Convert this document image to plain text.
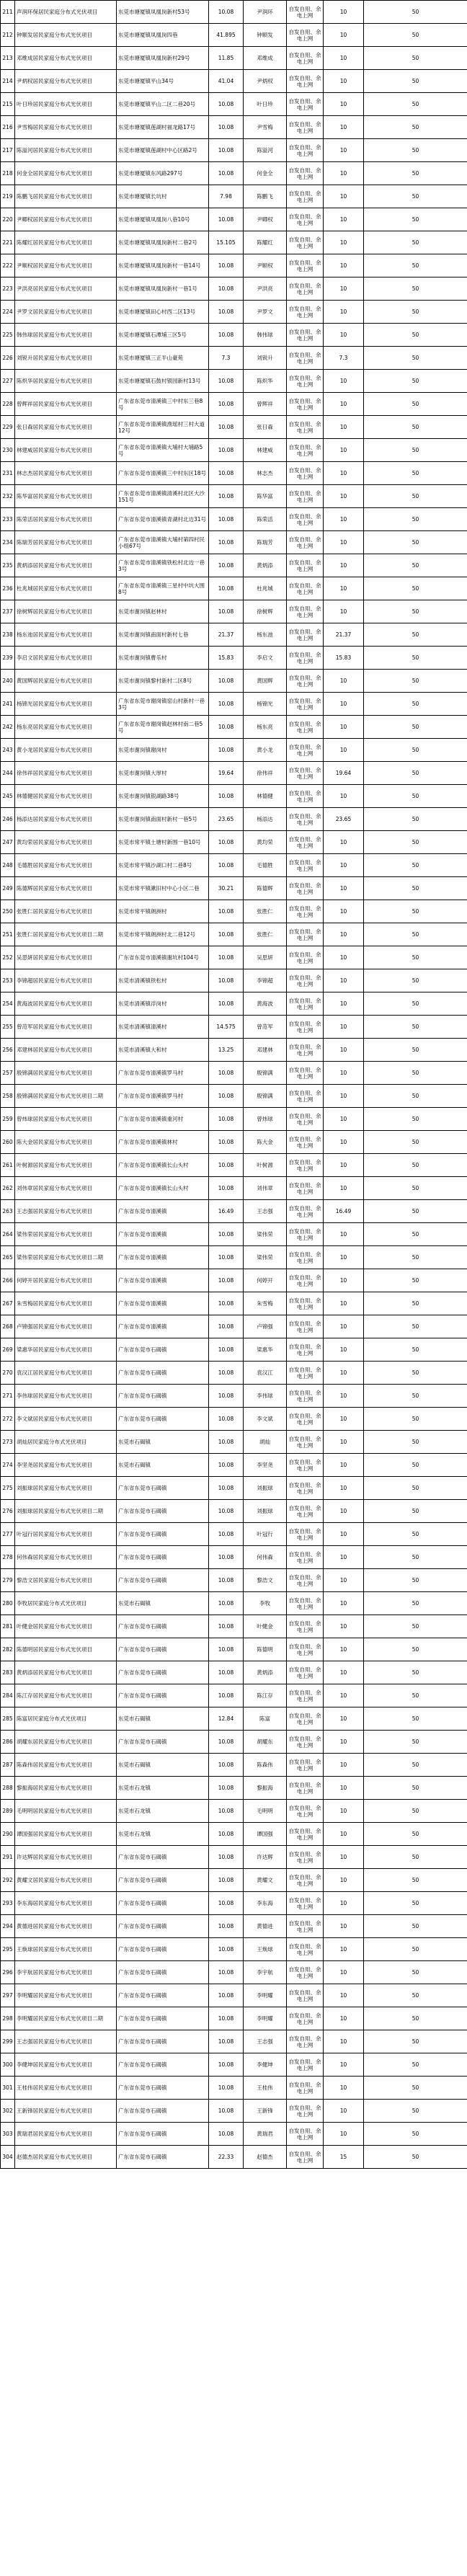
211	声润环保居民家庭分布式光伏项目	东莞市塘厦镇凤凰岗新村53号	10.08	尹润环	自发自用、余电上网	10	50
212	钟顺发居民家庭分布式光伏项目	东莞市塘厦镇凤凰岗四巷	41.895	钟顺发	自发自用、余电上网	10	50
213	邓维成居民家庭分布式光伏项目	东莞市塘厦镇凤凰岗新村29号	11.85	邓维成	自发自用、余电上网	10	50
214	尹炳权居民家庭分布式光伏项目	东莞市塘厦镇平山34号	41.04	尹炳权	自发自用、余电上网	10	50
215	叶日珍居民家庭分布式光伏项目	东莞市塘厦镇平山二区二巷20号	10.08	叶日珍	自发自用、余电上网	10	50
216	尹雪梅居民家庭分布式光伏项目	东莞市塘厦镇莲湖村福龙路17号	10.08	尹雪梅	自发自用、余电上网	10	50
217	陈溢河居民家庭分布式光伏项目	东莞市塘厦镇莲湖村中心区路2号	10.08	陈溢河	自发自用、余电上网	10	50
218	何金全居民家庭分布式光伏项目	东莞市塘厦镇东风路297号	10.08	何金全	自发自用、余电上网	10	50
219	陈鹏飞居民家庭分布式光伏项目	东莞市塘厦镇长坑村	7.98	陈鹏飞	自发自用、余电上网	10	50
220	尹卿权居民家庭分布式光伏项目	东莞市塘厦镇凤凰岗八巷10号	10.08	尹卿权	自发自用、余电上网	10	50
221	陈耀红居民家庭分布式光伏项目	东莞市塘厦镇凤凰岗新村二巷2号	15.105	陈耀红	自发自用、余电上网	10	50
222	尹顺权居民家庭分布式光伏项目	东莞市塘厦镇凤凰岗新村一巷14号	10.08	尹顺权	自发自用、余电上网	10	50
223	尹洪亮居民家庭分布式光伏项目	东莞市塘厦镇凤凰岗新村一巷1号	10.08	尹洪亮	自发自用、余电上网	10	50
224	尹罗文居民家庭分布式光伏项目	东莞市塘厦镇田心村西二区13号	10.08	尹罗文	自发自用、余电上网	10	50
225	韩伟球居民家庭分布式光伏项目	东莞市塘厦镇石潭埔三区5号	10.08	韩伟球	自发自用、余电上网	10	50
226	刘锐升居民家庭分布式光伏项目	东莞市塘厦镇三正半山豪苑	7.3	刘锐升	自发自用、余电上网	7.3	50
227	陈炽华居民家庭分布式光伏项目	东莞市塘厦镇石鼓村银园新村13号	10.08	陈炽华	自发自用、余电上网	10	50
228	曾辉祥居民家庭分布式光伏项目	广东省东莞市清溪镇三中村东三巷8号	10.08	曾辉祥	自发自用、余电上网	10	50
229	张日森居民家庭分布式光伏项目	广东省东莞市清溪镇渔瑶村三村大道12号	10.08	张日森	自发自用、余电上网	10	50
230	林建威居民家庭分布式光伏项目	广东省东莞市清溪镇大埔村大埔路5号	10.08	林建威	自发自用、余电上网	10	50
231	林志杰居民家庭分布式光伏项目	广东省东莞市清溪镇三中村东区18号	10.08	林志杰	自发自用、余电上网	10	50
232	陈华富居民家庭分布式光伏项目	广东省东莞市清溪镇清溪村北区大沙151号	10.08	陈华富	自发自用、余电上网	10	50
233	陈荣活居民家庭分布式光伏项目	广东省东莞市清溪镇青湖村北边31号	10.08	陈荣活	自发自用、余电上网	10	50
234	陈瑞芳居民家庭分布式光伏项目	广东省东莞市清溪镇大埔村第四村民小组67号	10.08	陈瑞芳	自发自用、余电上网	10	50
235	黄炳添居民家庭分布式光伏项目	广东省东莞市清溪镇铁松村北边一巷3号	10.08	黄炳添	自发自用、余电上网	10	50
236	杜兆城居民家庭分布式光伏项目	广东省东莞市清溪镇三星村中坑大围8号	10.08	杜兆城	自发自用、余电上网	10	50
237	徐树辉居民家庭分布式光伏项目	东莞市谢岗镇赵林村	10.08	徐树辉	自发自用、余电上网	10	50
238	杨东池居民家庭分布式光伏项目	东莞市谢岗镇南面村新村七巷	21.37	杨东池	自发自用、余电上网	21.37	50
239	李启文居民家庭分布式光伏项目	东莞市谢岗镇曹乐村	15.83	李启文	自发自用、余电上网	15.83	50
240	黄国辉居民家庭分布式光伏项目	东莞市谢岗镇黎村新村二区8号	10.08	黄国辉	自发自用、余电上网	10	50
241	杨锦光居民家庭分布式光伏项目	广东省东莞市谢岗镇窑山村新村一巷3号	10.08	杨锦光	自发自用、余电上网	10	50
242	杨东亮居民家庭分布式光伏项目	广东省东莞市谢岗镇赵林村南二巷5号	10.08	杨东亮	自发自用、余电上网	10	50
243	黄小龙居民家庭分布式光伏项目	东莞市谢岗镇谢岗村	10.08	黄小龙	自发自用、余电上网	10	50
244	徐伟祥居民家庭分布式光伏项目	东莞市谢岗镇大厚村	19.64	徐伟祥	自发自用、余电上网	19.64	50
245	林德健居民家庭分布式光伏项目	东莞市谢岗镇银湖路38号	10.08	林德健	自发自用、余电上网	10	50
246	杨添达居民家庭分布式光伏项目	东莞市谢岗镇南面村新村一巷5号	23.65	杨添达	自发自用、余电上网	23.65	50
247	黄均荣居民家庭分布式光伏项目	东莞市常平镇土塘村新围一巷10号	10.08	黄均荣	自发自用、余电上网	10	50
248	毛德胜居民家庭分布式光伏项目	东莞市常平镇沙湖口村二巷8号	10.08	毛德胜	自发自用、余电上网	10	50
249	陈德辉居民家庭分布式光伏项目	东莞市常平镇漱旧村中心小区二巷	30.21	陈德辉	自发自用、余电上网	10	50
250	张胜仁居民家庭分布式光伏项目	东莞市常平镇朗洲村	10.08	张胜仁	自发自用、余电上网	10	50
251	张胜仁居民家庭分布式光伏项目二期	东莞市常平镇朗洲村北二巷12号	10.08	张胜仁	自发自用、余电上网	10	50
252	吴思妍居民家庭分布式光伏项目	广东省东莞市清溪镇谢坑村104号	10.08	吴思妍	自发自用、余电上网	10	50
253	李锦超居民家庭分布式光伏项目	东莞市清溪镇铁松村	10.08	李锦超	自发自用、余电上网	10	50
254	黄海波居民家庭分布式光伏项目	东莞市清溪镇浮岗村	10.08	黄海波	自发自用、余电上网	10	50
255	曾范军居民家庭分布式光伏项目	东莞市清溪镇清溪村	14.575	曾范军	自发自用、余电上网	10	50
256	邓建林居民家庭分布式光伏项目	东莞市清溪镇大和村	13.25	邓建林	自发自用、余电上网	10	50
257	殷锦满居民家庭分布式光伏项目	广东省东莞市清溪镇罗马村	10.08	殷锦满	自发自用、余电上网	10	50
258	殷锦满居民家庭分布式光伏项目二期	广东省东莞市清溪镇罗马村	10.08	殷锦满	自发自用、余电上网	10	50
259	曾炜球居民家庭分布式光伏项目	广东省东莞市清溪镇重河村	10.08	曾炜球	自发自用、余电上网	10	50
260	陈大金居民家庭分布式光伏项目	广东省东莞市清溪镇林村	10.08	陈大金	自发自用、余电上网	10	50
261	叶树源居民家庭分布式光伏项目	广东省东莞市清溪镇长山头村	10.08	叶树源	自发自用、余电上网	10	50
262	刘伟章居民家庭分布式光伏项目	广东省东莞市清溪镇长山头村	10.08	刘伟章	自发自用、余电上网	10	50
263	王志强居民家庭分布式光伏项目	广东省东莞市清溪镇	16.49	王志强	自发自用、余电上网	16.49	50
264	梁伟荣居民家庭分布式光伏项目	广东省东莞市清溪镇	10.08	梁伟荣	自发自用、余电上网	10	50
265	梁伟荣居民家庭分布式光伏项目二期	广东省东莞市清溪镇	10.08	梁伟荣	自发自用、余电上网	10	50
266	何婷开居民家庭分布式光伏项目	广东省东莞市清溪镇	10.08	何婷开	自发自用、余电上网	10	50
267	朱雪梅居民家庭分布式光伏项目	广东省东莞市清溪镇	10.08	朱雪梅	自发自用、余电上网	10	50
268	卢锦强居民家庭分布式光伏项目	广东省东莞市清溪镇	10.08	卢锦强	自发自用、余电上网	10	50
269	梁惠华居民家庭分布式光伏项目	广东省东莞市石碣镇	10.08	梁惠华	自发自用、余电上网	10	50
270	袁汉江居民家庭分布式光伏项目	广东省东莞市石碣镇	10.08	袁汉江	自发自用、余电上网	10	50
271	李伟球居民家庭分布式光伏项目	广东省东莞市石碣镇	10.08	李伟球	自发自用、余电上网	10	50
272	李文斌居民家庭分布式光伏项目	广东省东莞市石碣镇	10.08	李文斌	自发自用、余电上网	10	50
273	胡灿居民家庭分布式光伏项目	东莞市石碣镇	10.08	胡灿	自发自用、余电上网	10	50
274	李坚尧居民家庭分布式光伏项目	东莞市石碣镇	10.08	李坚尧	自发自用、余电上网	10	50
275	刘振球居民家庭分布式光伏项目	广东省东莞市石碣镇	10.08	刘振球	自发自用、余电上网	10	50
276	刘振球居民家庭分布式光伏项目二期	广东省东莞市石碣镇	10.08	刘振球	自发自用、余电上网	10	50
277	叶冠行居民家庭分布式光伏项目	广东省东莞市石碣镇	10.08	叶冠行	自发自用、余电上网	10	50
278	何伟森居民家庭分布式光伏项目	广东省东莞市石碣镇	10.08	何伟森	自发自用、余电上网	10	50
279	黎浩文居民家庭分布式光伏项目	广东省东莞市石碣镇	10.08	黎浩文	自发自用、余电上网	10	50
280	李牧居民家庭分布式光伏项目	东莞市石碣镇	10.08	李牧	自发自用、余电上网	10	50
281	叶健金居民家庭分布式光伏项目	广东省东莞市石碣镇	10.08	叶健金	自发自用、余电上网	10	50
282	陈德明居民家庭分布式光伏项目	广东省东莞市石碣镇	10.08	陈德明	自发自用、余电上网	10	50
283	黄炳添居民家庭分布式光伏项目	广东省东莞市石碣镇	10.08	黄炳添	自发自用、余电上网	10	50
284	陈江存居民家庭分布式光伏项目	广东省东莞市石碣镇	10.08	陈江存	自发自用、余电上网	10	50
285	陈富居民家庭分布式光伏项目	东莞市石碣镇	12.84	陈富	自发自用、余电上网	10	50
286	胡耀东居民家庭分布式光伏项目	广东省东莞市石碣镇	10.08	胡耀东	自发自用、余电上网	10	50
287	陈森伟居民家庭分布式光伏项目	东莞市石碣镇	10.08	陈森伟	自发自用、余电上网	10	50
288	黎振海居民家庭分布式光伏项目	东莞市石龙镇	10.08	黎振海	自发自用、余电上网	10	50
289	毛明明居民家庭分布式光伏项目	东莞市石龙镇	10.08	毛明明	自发自用、余电上网	10	50
290	谭国强居民家庭分布式光伏项目	东莞市石龙镇	10.08	谭国强	自发自用、余电上网	10	50
291	许达辉居民家庭分布式光伏项目	广东省东莞市石碣镇	10.08	许达辉	自发自用、余电上网	10	50
292	黄耀文居民家庭分布式光伏项目	广东省东莞市石碣镇	10.08	黄耀文	自发自用、余电上网	10	50
293	李东海居民家庭分布式光伏项目	广东省东莞市石碣镇	10.08	李东海	自发自用、余电上网	10	50
294	黄德进居民家庭分布式光伏项目	广东省东莞市石碣镇	10.08	黄德进	自发自用、余电上网	10	50
295	王焕球居民家庭分布式光伏项目	广东省东莞市石碣镇	10.08	王焕球	自发自用、余电上网	10	50
296	李宇航居民家庭分布式光伏项目	广东省东莞市石碣镇	10.08	李宇航	自发自用、余电上网	10	50
297	李明耀居民家庭分布式光伏项目	广东省东莞市石碣镇	10.08	李明耀	自发自用、余电上网	10	50
298	李明耀居民家庭分布式光伏项目二期	广东省东莞市石碣镇	10.08	李明耀	自发自用、余电上网	10	50
299	王志强居民家庭分布式光伏项目	广东省东莞市石碣镇	10.08	王志强	自发自用、余电上网	10	50
300	李健坤居民家庭分布式光伏项目	广东省东莞市石碣镇	10.08	李健坤	自发自用、余电上网	10	50
301	王桂伟居民家庭分布式光伏项目	广东省东莞市石碣镇	10.08	王桂伟	自发自用、余电上网	10	50
302	王新锋居民家庭分布式光伏项目	广东省东莞市石碣镇	10.08	王新锋	自发自用、余电上网	10	50
303	黄瑞君居民家庭分布式光伏项目	广东省东莞市石碣镇	10.08	黄瑞君	自发自用、余电上网	10	50
304	赵德杰居民家庭分布式光伏项目	广东省东莞市石碣镇	22.33	赵德杰	自发自用、余电上网	15	50
